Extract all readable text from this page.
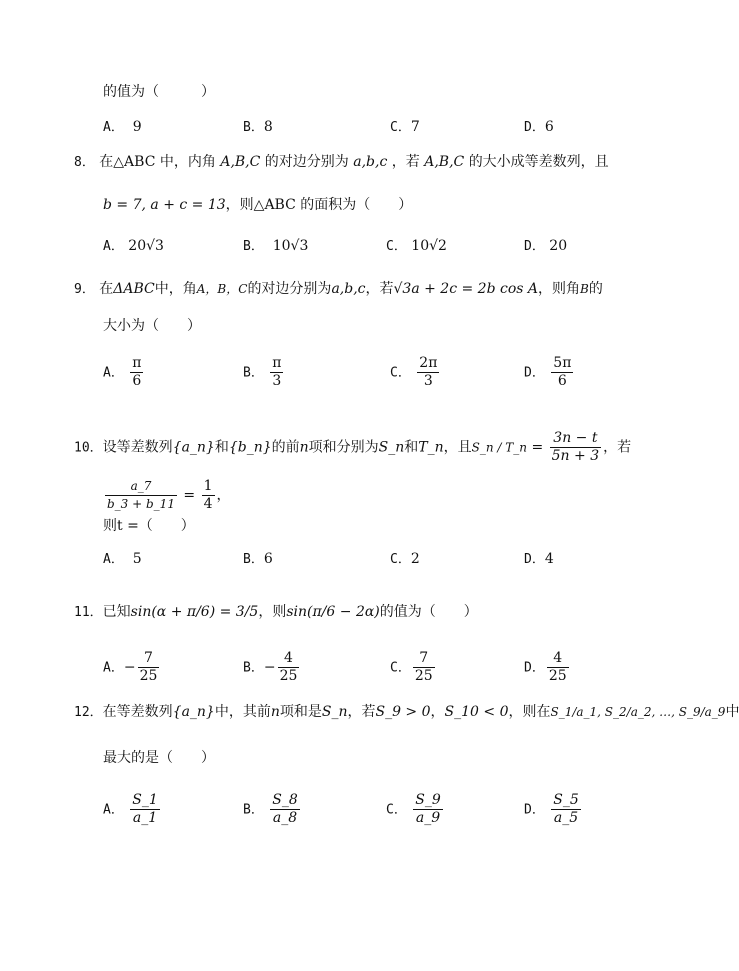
的值为（　　　）
A． 9	B．8	C．7	D．6
8． 在△ABC 中，内角 A,B,C 的对边分别为 a,b,c ，若 A,B,C 的大小成等差数列，且
b = 7, a + c = 13，则△ABC 的面积为（　　）
A． 20√3	B． 10√3	C． 10√2	D． 20
9． 在ΔABC中，角A，B，C的对边分别为a,b,c，若√3a + 2c = 2b cos A，则角B的
大小为（　　）
A． $\frac{\pi}{6}$	B． $\frac{\pi}{3}$	C． $\frac{2\pi}{3}$	D． $\frac{5\pi}{6}$
10．设等差数列{a_n}和{b_n}的前n项和分别为S_n和T_n，且S_n / T_n = $\frac{3n - t}{5n + 3}$ ，若
$\frac{a\_7}{b\_3 + b\_11} = \frac{1}{4}$ ，
则t =（　　）
A． 5	B．6	C．2	D．4
11．已知sin(α + π/6) = 3/5，则sin(π/6 − 2α)的值为（　　）
A．− $\frac{7}{25}$	B．− $\frac{4}{25}$	C． $\frac{7}{25}$	D． $\frac{4}{25}$
12．在等差数列{a_n}中，其前n项和是S_n，若S_9 > 0，S_10 < 0，则在S_1/a_1, S_2/a_2, …, S_9/a_9中
最大的是（　　）
A． $\frac{S\_1}{a\_1}$	B． $\frac{S\_8}{a\_8}$	C． $\frac{S\_9}{a\_9}$	D． $\frac{S\_5}{a\_5}$
